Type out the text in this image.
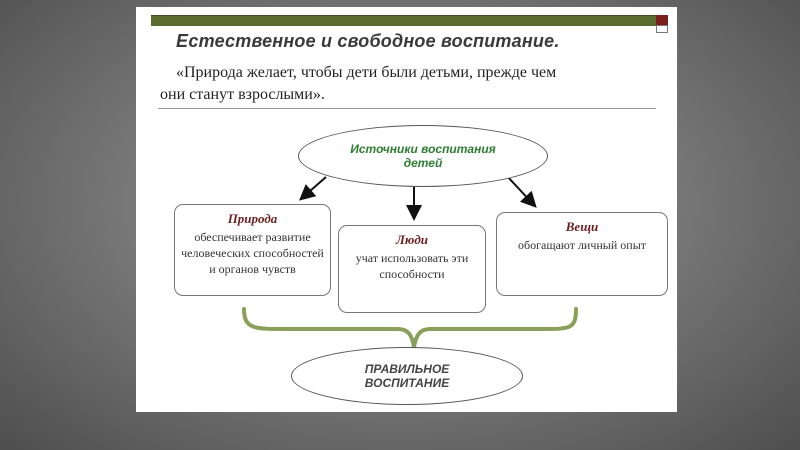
Естественное и свободное воспитание.
«Природа желает, чтобы дети были детьми, прежде чем
они станут взрослыми».
Источники воспитания
детей
Природа
обеспечивает развитие человеческих способностей и органов чувств
Люди
учат использовать эти способности
Вещи
обогащают личный опыт
ПРАВИЛЬНОЕ
ВОСПИТАНИЕ
